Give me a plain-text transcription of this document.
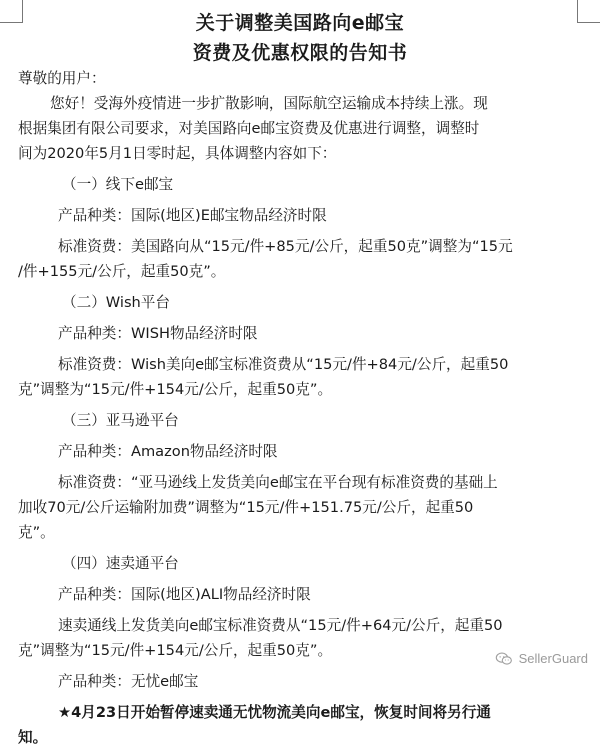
关于调整美国路向e邮宝
资费及优惠权限的告知书
尊敬的用户：
您好！受海外疫情进一步扩散影响，国际航空运输成本持续上涨。现
根据集团有限公司要求，对美国路向e邮宝资费及优惠进行调整，调整时
间为2020年5月1日零时起，具体调整内容如下：
（一）线下e邮宝
产品种类：国际(地区)E邮宝物品经济时限
标准资费：美国路向从“15元/件+85元/公斤，起重50克”调整为“15元
/件+155元/公斤，起重50克”。
（二）Wish平台
产品种类：WISH物品经济时限
标准资费：Wish美向e邮宝标准资费从“15元/件+84元/公斤，起重50
克”调整为“15元/件+154元/公斤，起重50克”。
（三）亚马逊平台
产品种类：Amazon物品经济时限
标准资费：“亚马逊线上发货美向e邮宝在平台现有标准资费的基础上
加收70元/公斤运输附加费”调整为“15元/件+151.75元/公斤，起重50
克”。
（四）速卖通平台
产品种类：国际(地区)ALI物品经济时限
速卖通线上发货美向e邮宝标准资费从“15元/件+64元/公斤，起重50
克”调整为“15元/件+154元/公斤，起重50克”。
产品种类：无忧e邮宝
★4月23日开始暂停速卖通无忧物流美向e邮宝，恢复时间将另行通
知。
SellerGuard
